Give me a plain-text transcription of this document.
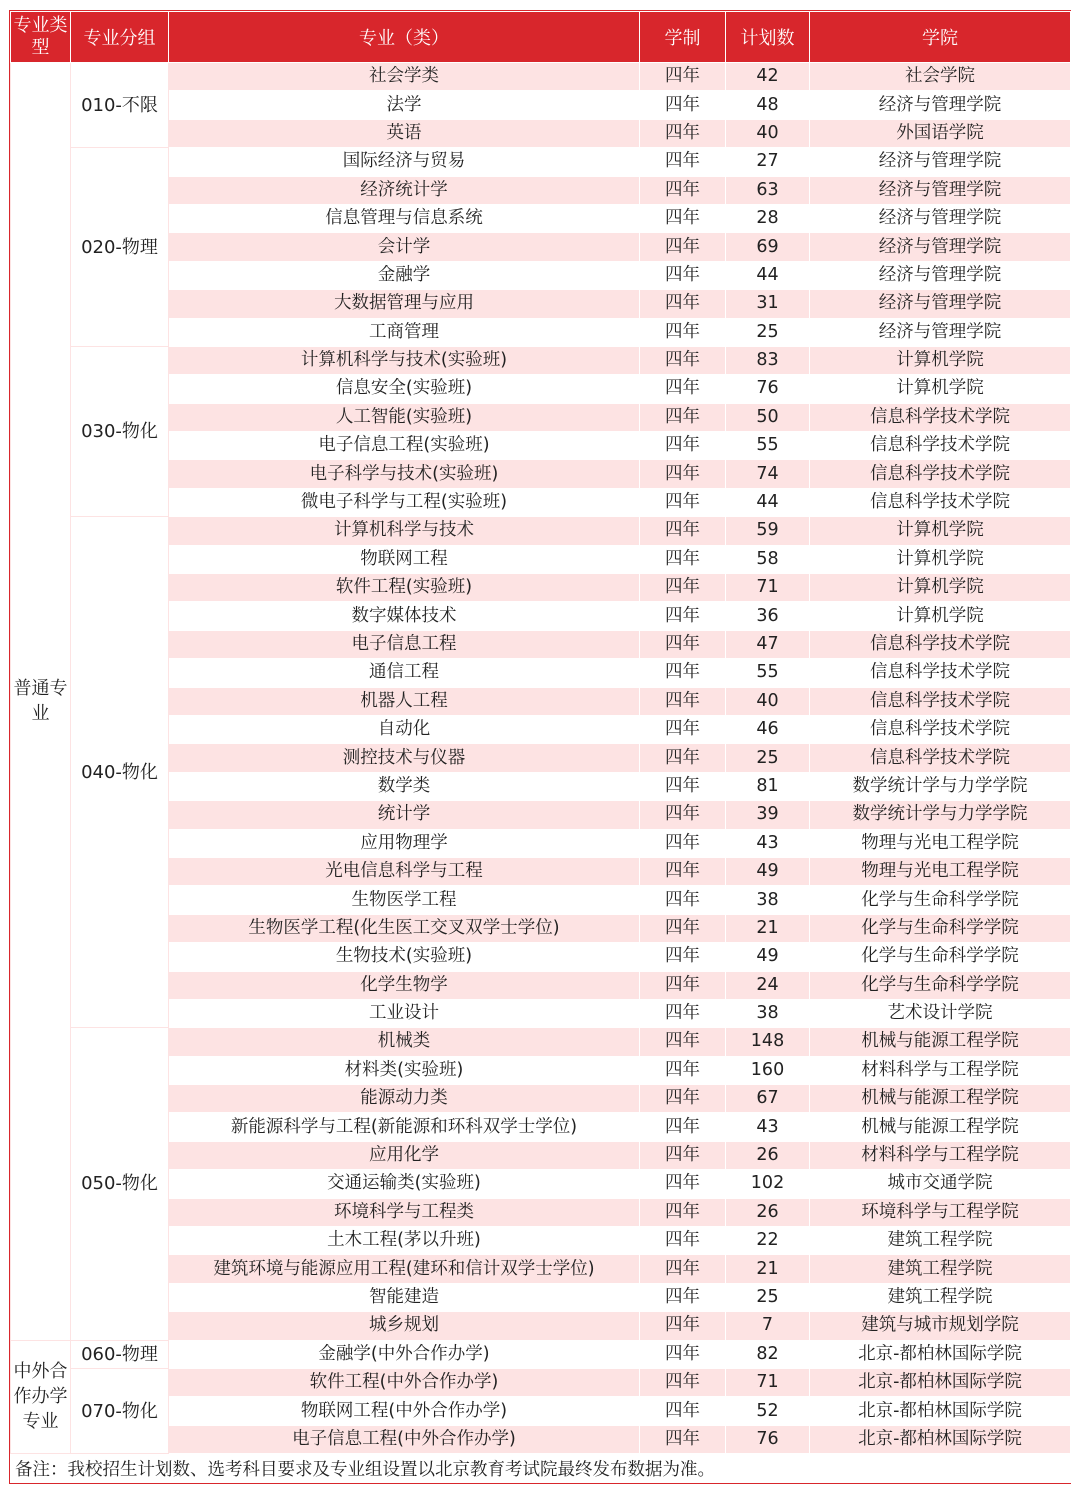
专业类型	专业分组	专业（类）	学制	计划数	学院
普通专业	010-不限	社会学类	四年	42	社会学院
		法学	四年	48	经济与管理学院
		英语	四年	40	外国语学院
	020-物理	国际经济与贸易	四年	27	经济与管理学院
		经济统计学	四年	63	经济与管理学院
		信息管理与信息系统	四年	28	经济与管理学院
		会计学	四年	69	经济与管理学院
		金融学	四年	44	经济与管理学院
		大数据管理与应用	四年	31	经济与管理学院
		工商管理	四年	25	经济与管理学院
	030-物化	计算机科学与技术(实验班)	四年	83	计算机学院
		信息安全(实验班)	四年	76	计算机学院
		人工智能(实验班)	四年	50	信息科学技术学院
		电子信息工程(实验班)	四年	55	信息科学技术学院
		电子科学与技术(实验班)	四年	74	信息科学技术学院
		微电子科学与工程(实验班)	四年	44	信息科学技术学院
	040-物化	计算机科学与技术	四年	59	计算机学院
		物联网工程	四年	58	计算机学院
		软件工程(实验班)	四年	71	计算机学院
		数字媒体技术	四年	36	计算机学院
		电子信息工程	四年	47	信息科学技术学院
		通信工程	四年	55	信息科学技术学院
		机器人工程	四年	40	信息科学技术学院
		自动化	四年	46	信息科学技术学院
		测控技术与仪器	四年	25	信息科学技术学院
		数学类	四年	81	数学统计学与力学学院
		统计学	四年	39	数学统计学与力学学院
		应用物理学	四年	43	物理与光电工程学院
		光电信息科学与工程	四年	49	物理与光电工程学院
		生物医学工程	四年	38	化学与生命科学学院
		生物医学工程(化生医工交叉双学士学位)	四年	21	化学与生命科学学院
		生物技术(实验班)	四年	49	化学与生命科学学院
		化学生物学	四年	24	化学与生命科学学院
		工业设计	四年	38	艺术设计学院
	050-物化	机械类	四年	148	机械与能源工程学院
		材料类(实验班)	四年	160	材料科学与工程学院
		能源动力类	四年	67	机械与能源工程学院
		新能源科学与工程(新能源和环科双学士学位)	四年	43	机械与能源工程学院
		应用化学	四年	26	材料科学与工程学院
		交通运输类(实验班)	四年	102	城市交通学院
		环境科学与工程类	四年	26	环境科学与工程学院
		土木工程(茅以升班)	四年	22	建筑工程学院
		建筑环境与能源应用工程(建环和信计双学士学位)	四年	21	建筑工程学院
		智能建造	四年	25	建筑工程学院
		城乡规划	四年	7	建筑与城市规划学院
中外合作办学专业	060-物理	金融学(中外合作办学)	四年	82	北京-都柏林国际学院
	070-物化	软件工程(中外合作办学)	四年	71	北京-都柏林国际学院
		物联网工程(中外合作办学)	四年	52	北京-都柏林国际学院
		电子信息工程(中外合作办学)	四年	76	北京-都柏林国际学院
备注：我校招生计划数、选考科目要求及专业组设置以北京教育考试院最终发布数据为准。					
